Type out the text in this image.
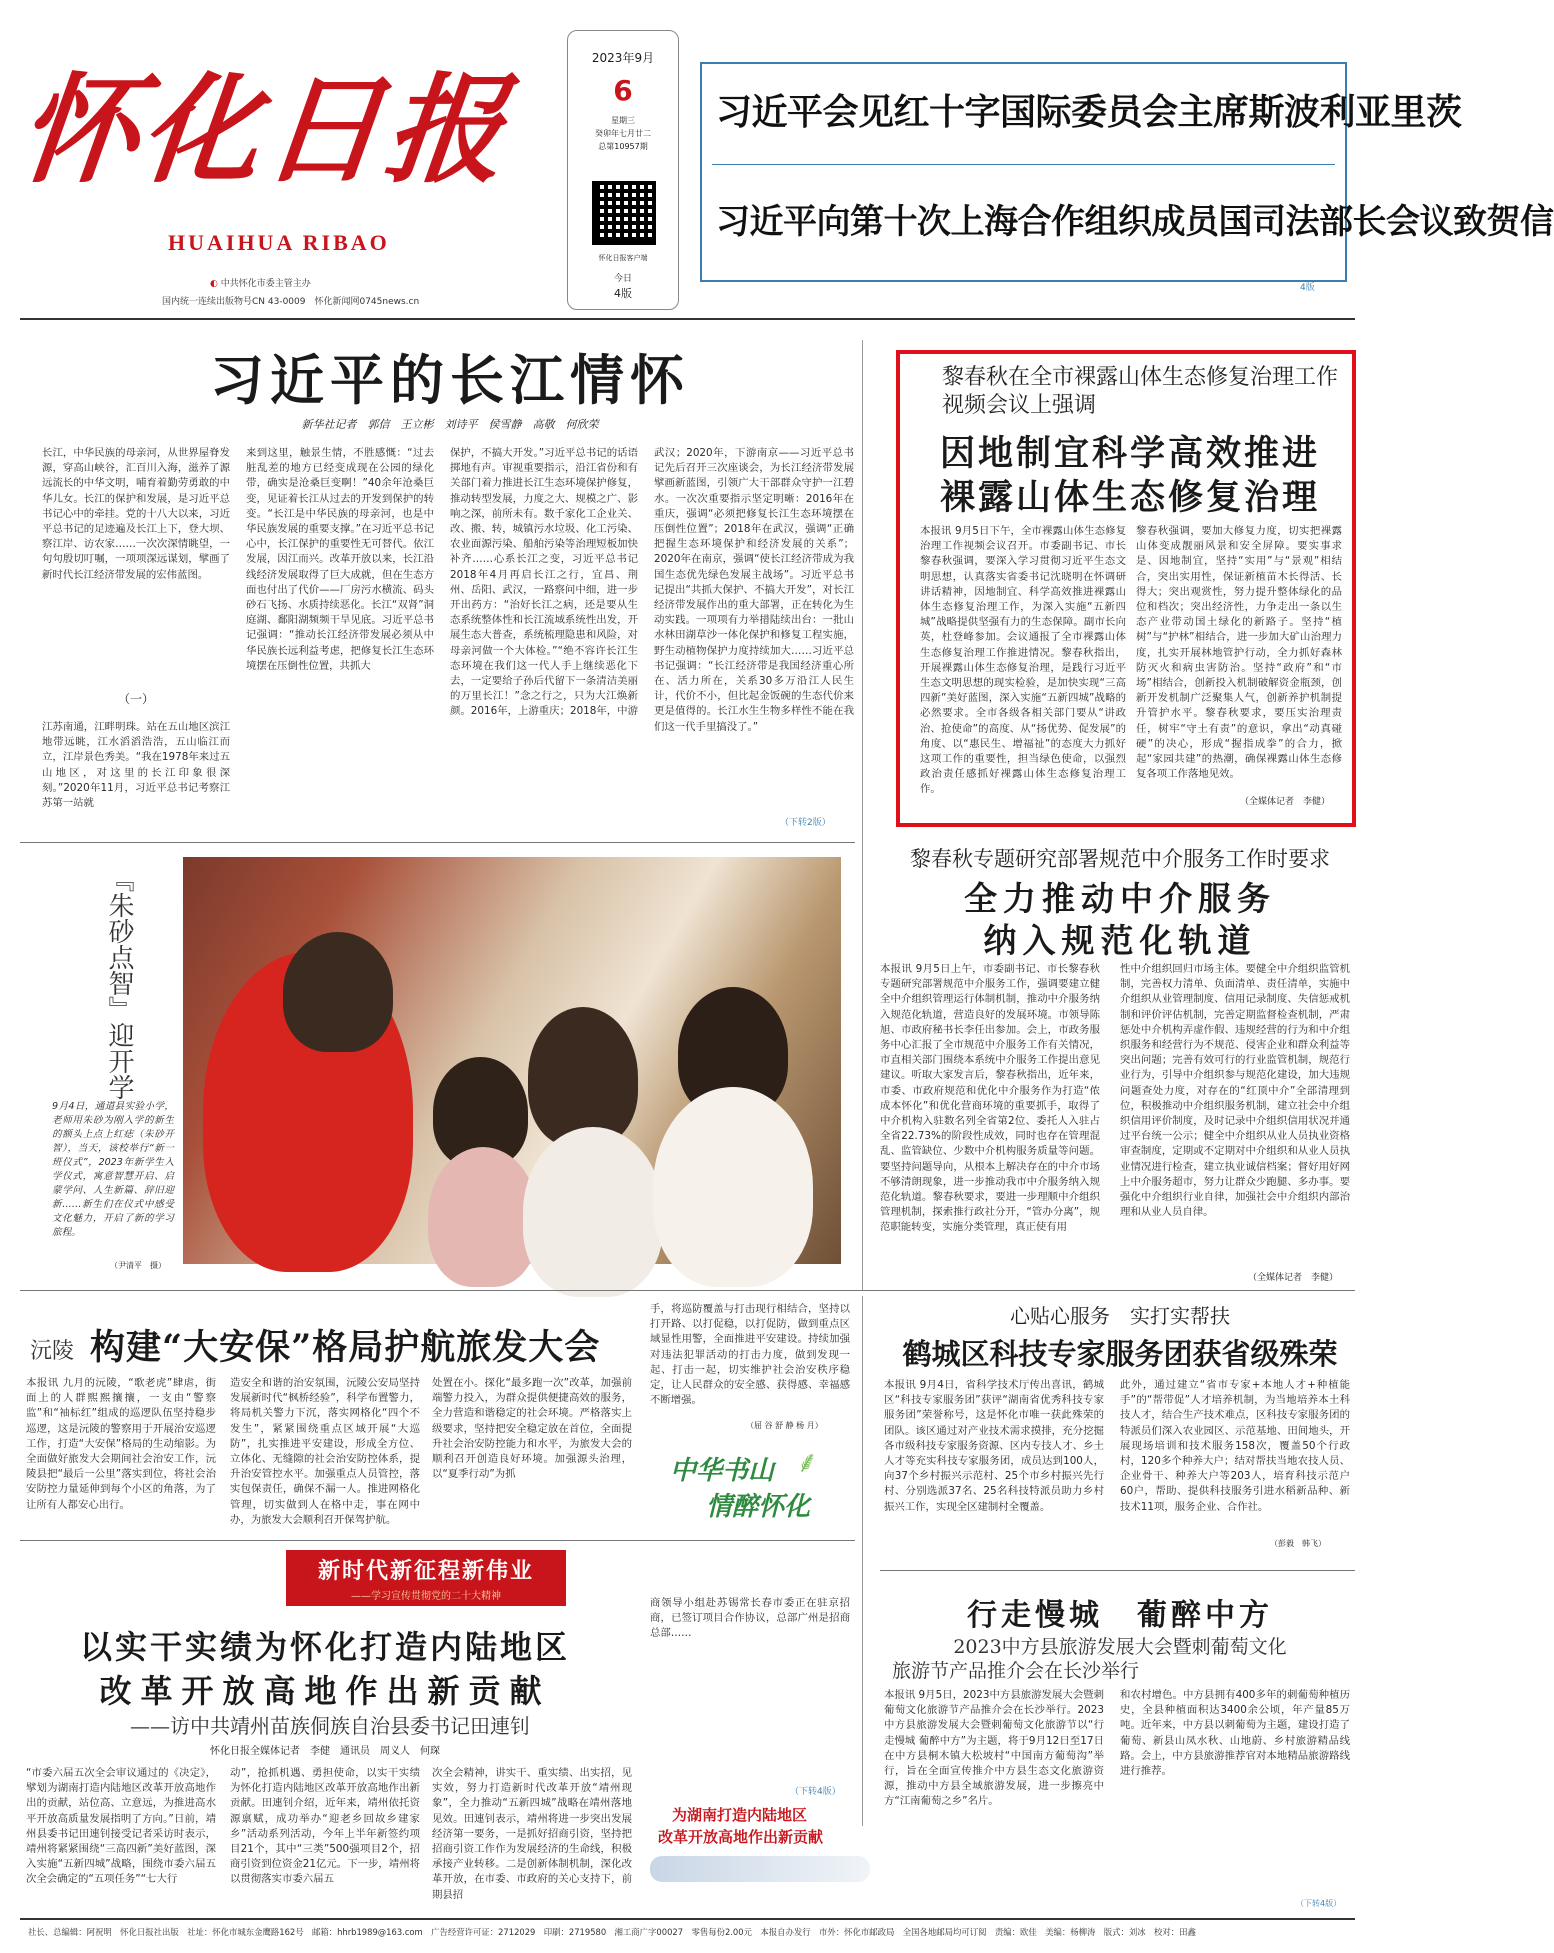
怀化日报
HUAIHUA RIBAO
◐ 中共怀化市委主管主办
国内统一连续出版物号CN 43-0009　怀化新闻网0745news.cn
2023年9月
6
星期三
癸卯年七月廿二
总第10957期
怀化日报客户端
今日
4版
习近平会见红十字国际委员会主席斯波利亚里茨
习近平向第十次上海合作组织成员国司法部长会议致贺信
4版
习近平的长江情怀
新华社记者　郭信　王立彬　刘诗平　侯雪静　高敬　何欣荣
长江，中华民族的母亲河，从世界屋脊发源，穿高山峡谷，汇百川入海，滋养了源远流长的中华文明，哺育着勤劳勇敢的中华儿女。长江的保护和发展，是习近平总书记心中的牵挂。党的十八大以来，习近平总书记的足迹遍及长江上下，登大坝、察江岸、访农家……一次次深情眺望，一句句殷切叮嘱，一项项深远谋划，擘画了新时代长江经济带发展的宏伟蓝图。
（一）
江苏南通，江畔明珠。站在五山地区滨江地带远眺，江水滔滔浩浩，五山临江而立，江岸景色秀美。“我在1978年来过五山地区，对这里的长江印象很深刻。”2020年11月，习近平总书记考察江苏第一站就
来到这里，触景生情，不胜感慨：“过去脏乱差的地方已经变成现在公园的绿化带，确实是沧桑巨变啊！”40余年沧桑巨变，见证着长江从过去的开发到保护的转变。“长江是中华民族的母亲河，也是中华民族发展的重要支撑。”在习近平总书记心中，长江保护的重要性无可替代。依江发展，因江而兴。改革开放以来，长江沿线经济发展取得了巨大成就，但在生态方面也付出了代价——厂房污水横流、码头砂石飞扬、水质持续恶化。长江“双肾”洞庭湖、鄱阳湖频频干旱见底。习近平总书记强调：“推动长江经济带发展必须从中华民族长远利益考虑，把修复长江生态环境摆在压倒性位置，共抓大
保护，不搞大开发。”习近平总书记的话语掷地有声。审视重要指示，沿江省份和有关部门着力推进长江生态环境保护修复，推动转型发展，力度之大、规模之广、影响之深，前所未有。数千家化工企业关、改、搬、转，城镇污水垃圾、化工污染、农业面源污染、船舶污染等治理短板加快补齐……心系长江之变，习近平总书记2018年4月再启长江之行，宜昌、荆州、岳阳、武汉，一路察问中细，进一步开出药方：“治好长江之病，还是要从生态系统整体性和长江流域系统性出发，开展生态大普查，系统梳理隐患和风险，对母亲河做一个大体检。”“绝不容许长江生态环境在我们这一代人手上继续恶化下去，一定要给子孙后代留下一条清洁美丽的万里长江！”念之行之，只为大江焕新颜。2016年，上游重庆；2018年，中游
武汉；2020年，下游南京——习近平总书记先后召开三次座谈会，为长江经济带发展擘画新蓝图，引领广大干部群众守护一江碧水。一次次重要指示坚定明晰：2016年在重庆，强调“必须把修复长江生态环境摆在压倒性位置”；2018年在武汉，强调“正确把握生态环境保护和经济发展的关系”；2020年在南京，强调“使长江经济带成为我国生态优先绿色发展主战场”。习近平总书记提出“共抓大保护、不搞大开发”，对长江经济带发展作出的重大部署，正在转化为生动实践。一项项有力举措陆续出台：一批山水林田湖草沙一体化保护和修复工程实施，野生动植物保护力度持续加大……习近平总书记强调：“长江经济带是我国经济重心所在、活力所在，关系30多万沿江人民生计，代价不小，但比起金饭碗的生态代价来更是值得的。长江水生生物多样性不能在我们这一代手里搞没了。”
（下转2版）
黎春秋在全市裸露山体生态修复治理工作视频会议上强调
因地制宜科学高效推进
裸露山体生态修复治理
本报讯 9月5日下午，全市裸露山体生态修复治理工作视频会议召开。市委副书记、市长黎春秋强调，要深入学习贯彻习近平生态文明思想，认真落实省委书记沈晓明在怀调研讲话精神，因地制宜、科学高效推进裸露山体生态修复治理工作，为深入实施“五新四城”战略提供坚强有力的生态保障。副市长向英，杜登峰参加。会议通报了全市裸露山体生态修复治理工作推进情况。黎春秋指出，开展裸露山体生态修复治理，是践行习近平生态文明思想的现实检验，是加快实现“三高四新”美好蓝图，深入实施“五新四城”战略的必然要求。全市各级各相关部门要从“讲政治、抢使命”的高度、从“扬优势、促发展”的角度、以“惠民生、增福祉”的态度大力抓好这项工作的重要性，担当绿色使命，以强烈政治责任感抓好裸露山体生态修复治理工作。
黎春秋强调，要加大修复力度，切实把裸露山体变成靓丽风景和安全屏障。要实事求是、因地制宜，坚持“实用”与“景观”相结合，突出实用性，保证新植苗木长得活、长得大；突出观赏性，努力提升整体绿化的品位和档次；突出经济性，力争走出一条以生态产业带动国土绿化的新路子。坚持“植树”与“护林”相结合，进一步加大矿山治理力度，扎实开展林地管护行动，全力抓好森林防灭火和病虫害防治。坚持“政府”和“市场”相结合，创新投入机制破解资金瓶颈，创新开发机制广泛聚集人气，创新养护机制提升管护水平。黎春秋要求，要压实治理责任，树牢“守土有责”的意识，拿出“动真碰硬”的决心，形成“握指成拳”的合力，掀起“家园共建”的热潮，确保裸露山体生态修复各项工作落地见效。
（全媒体记者　李健）
黎春秋专题研究部署规范中介服务工作时要求
全力推动中介服务
纳入规范化轨道
本报讯 9月5日上午，市委副书记、市长黎春秋专题研究部署规范中介服务工作，强调要建立健全中介组织管理运行体制机制，推动中介服务纳入规范化轨道，营造良好的发展环境。市领导陈旭、市政府秘书长李任出参加。会上，市政务服务中心汇报了全市规范中介服务工作有关情况，市直相关部门围绕本系统中介服务工作提出意见建议。听取大家发言后，黎春秋指出，近年来，市委、市政府规范和优化中介服务作为打造“侬成本怀化”和优化营商环境的重要抓手，取得了中介机构入驻数名列全省第2位、委托人入驻占全省22.73%的阶段性成效，同时也存在管理混乱、监管缺位、少数中介机构服务质量等问题。要坚持问题导向，从根本上解决存在的中介市场不够清朗现象，进一步推动我市中介服务纳入规范化轨道。黎春秋要求，要进一步理顺中介组织管理机制，探索推行政社分开，“管办分离”，规范职能转变，实施分类管理，真正使有用
性中介组织回归市场主体。要健全中介组织监管机制，完善权力清单、负面清单、责任清单，实施中介组织从业管理制度、信用记录制度、失信惩戒机制和评价评估机制，完善定期监督检查机制，严肃惩处中介机构弄虚作假、违规经营的行为和中介组织服务和经营行为不规范、侵害企业和群众利益等突出问题；完善有效可行的行业监管机制，规范行业行为，引导中介组织参与规范化建设，加大违规问题查处力度，对存在的“红顶中介”全部清理到位，积极推动中介组织服务机制，建立社会中介组织信用评价制度，及时记录中介组织信用状况并通过平台统一公示；健全中介组织从业人员执业资格审查制度，定期或不定期对中介组织和从业人员执业情况进行检查，建立执业诚信档案；督好用好网上中介服务超市，努力让群众少跑腿、多办事。要强化中介组织行业自律，加强社会中介组织内部治理和从业人员自律。
（全媒体记者　李健）
『朱砂点智』迎开学
9月4日，通道县实验小学，老师用朱砂为刚入学的新生的额头上点上红痣（朱砂开智），当天，该校举行“新一班仪式”，2023年新学生入学仪式，寓意智慧开启、启蒙学问、人生新篇、辞旧迎新……新生们在仪式中感受文化魅力，开启了新的学习旅程。
（尹清平　摄）
沅陵 构建“大安保”格局护航旅发大会
本报讯 九月的沅陵，“歌老虎”肆虐，街面上的人群熙熙攘攘，一支由“警察监”和“袖标红”组成的巡逻队伍坚持稳步巡逻，这是沅陵的警察用于开展治安巡逻工作，打造“大安保”格局的生动缩影。为全面做好旅发大会期间社会治安工作，沅陵县把“最后一公里”落实到位，将社会治安防控力量延伸到每个小区的角落，为了让所有人都安心出行。
造安全和谐的治安氛围，沅陵公安局坚持发展新时代“枫桥经验”，科学布置警力，将局机关警力下沉，落实网格化“四个不发生”，紧紧围绕重点区域开展“大巡防”，扎实推进平安建设，形成全方位、立体化、无缝隙的社会治安防控体系，提升治安管控水平。加强重点人员管控，落实包保责任，确保不漏一人。推进网格化管理，切实做到人在格中走，事在网中办，为旅发大会顺利召开保驾护航。
处置在小。探化“最多跑一次”改革，加强前端警力投入，为群众提供便捷高效的服务，全力营造和谐稳定的社会环境。严格落实上级要求，坚持把安全稳定放在首位，全面提升社会治安防控能力和水平，为旅发大会的顺利召开创造良好环境。加强源头治理，以“夏季行动”为抓
手，将巡防覆盖与打击现行相结合，坚持以打开路、以打促稳，以打促防，做到重点区域显性用警，全面推进平安建设。持续加强对违法犯罪活动的打击力度，做到发现一起、打击一起，切实维护社会治安秩序稳定，让人民群众的安全感、获得感、幸福感不断增强。
（屈 谷 舒 静 杨 月）
中华书山
情醉怀化
⸙
心贴心服务　实打实帮扶
鹤城区科技专家服务团获省级殊荣
本报讯 9月4日，省科学技术厅传出喜讯，鹤城区“科技专家服务团”获评“湖南省优秀科技专家服务团”荣誉称号，这是怀化市唯一获此殊荣的团队。该区通过对产业技术需求摸排，充分挖掘各市级科技专家服务资源、区内专技人才、乡土人才等充实科技专家服务团，成员达到100人，向37个乡村振兴示范村、25个市乡村振兴先行村、分别选派37名、25名科技特派员助力乡村振兴工作，实现全区建制村全覆盖。
此外，通过建立“省市专家+本地人才+种植能手”的“帮带促”人才培养机制，为当地培养本土科技人才，结合生产技术难点，区科技专家服务团的特派员们深入农业园区、示范基地、田间地头，开展现场培训和技术服务158次，覆盖50个行政村，120多个种养大户；结对帮扶当地农技人员、企业骨干、种养大户等203人，培育科技示范户60户，帮助、提供科技服务引进水稻新品种、新技术11项，服务企业、合作社。
（彭毅　韩飞）
新时代新征程新伟业
——学习宣传贯彻党的二十大精神
以实干实绩为怀化打造内陆地区
改革开放高地作出新贡献
——访中共靖州苗族侗族自治县委书记田連钊
怀化日报全媒体记者　李健　通讯员　周义人　何琛
“市委六届五次全会审议通过的《决定》，擘划为湖南打造内陆地区改革开放高地作出的贡献，站位高、立意远，为推进高水平开放高质量发展指明了方向。”日前，靖州县委书记田連钊接受记者采访时表示，靖州将紧紧围绕“三高四新”美好蓝图，深入实施“五新四城”战略，围绕市委六届五次全会确定的“五项任务”“七大行
动”，抢抓机遇、勇担使命，以实干实绩为怀化打造内陆地区改革开放高地作出新贡献。田連钊介绍，近年来，靖州依托资源禀赋，成功举办“迎老乡回故乡建家乡”活动系列活动，今年上半年新签约项目21个，其中“三类”500强项目2个，招商引资到位资金21亿元。下一步，靖州将以贯彻落实市委六届五
次全会精神，讲实干、重实绩、出实招，见实效，努力打造新时代改革开放“靖州现象”，全力推动“五新四城”战略在靖州落地见效。田連钊表示，靖州将进一步突出发展经济第一要务，一是抓好招商引资，坚持把招商引资工作作为发展经济的生命线，积极承接产业转移。二是创新体制机制，深化改革开放，在市委、市政府的关心支持下，前期县招
商领导小组赴苏锡常长春市委正在驻京招商，已签订项目合作协议，总部广州是招商总部……
（下转4版）
为湖南打造内陆地区
改革开放高地作出新贡献
行走慢城　葡醉中方
2023中方县旅游发展大会暨刺葡萄文化
旅游节产品推介会在长沙举行
本报讯 9月5日，2023中方县旅游发展大会暨刺葡萄文化旅游节产品推介会在长沙举行。2023中方县旅游发展大会暨刺葡萄文化旅游节以“行走慢城 葡醉中方”为主题，将于9月12日至17日在中方县桐木镇大松坡村“中国南方葡萄沟”举行，旨在全面宣传推介中方县生态文化旅游资源，推动中方县全域旅游发展，进一步擦亮中方“江南葡萄之乡”名片。
和农村增色。中方县拥有400多年的刺葡萄种植历史，全县种植面积达3400余公顷，年产量85万吨。近年来，中方县以刺葡萄为主题，建设打造了葡萄、新县山凤水秋、山地蔚、乡村旅游精品线路。会上，中方县旅游推荐官对本地精品旅游路线进行推荐。
（下转4版）
社长、总编辑：阿祝明　怀化日报社出版　社址：怀化市城东金鹰路162号　邮箱：hhrb1989@163.com　广告经营许可证：2712029　印刷：2719580　湘工商广字00027　零售每份2.00元　本报自办发行　市外：怀化市邮政局　全国各地邮局均可订阅　责编：欧佳　美编：杨柳涛　版式：刘冰　校对：田鑫
